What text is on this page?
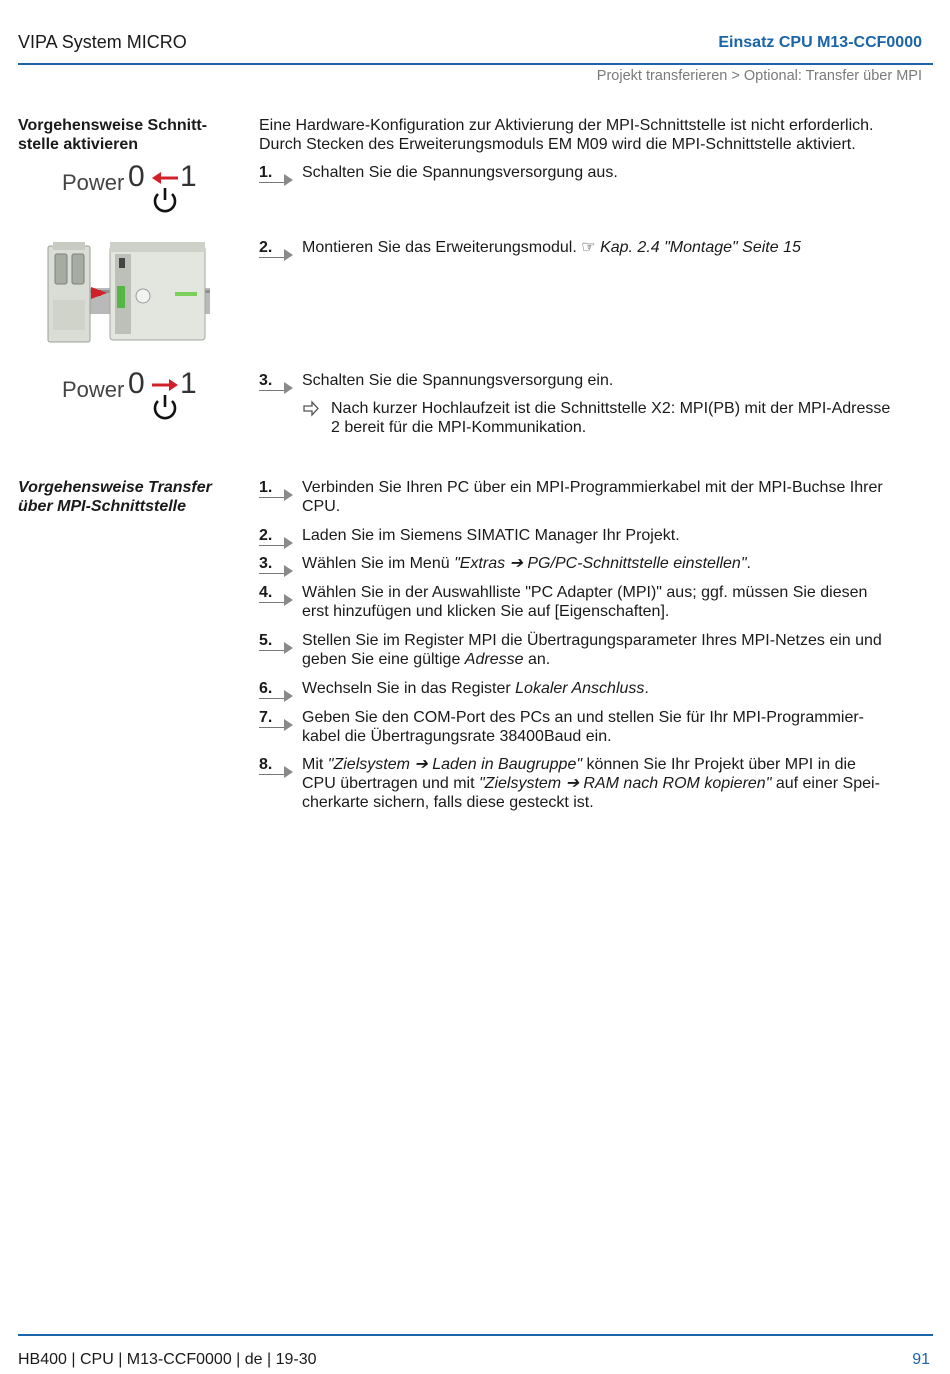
VIPA System MICRO	Einsatz CPU M13-CCF0000
Projekt transferieren > Optional: Transfer über MPI
Vorgehensweise Schnitt-
stelle aktivieren
Eine Hardware-Konfiguration zur Aktivierung der MPI-Schnittstelle ist nicht erforderlich.
Durch Stecken des Erweiterungsmoduls EM M09 wird die MPI-Schnittstelle aktiviert.
Power 0 1	1.	Schalten Sie die Spannungsversorgung aus.
2.	Montieren Sie das Erweiterungsmodul. ☞ Kap. 2.4 "Montage" Seite 15
Power 0 1	3.	Schalten Sie die Spannungsversorgung ein.
Nach kurzer Hochlaufzeit ist die Schnittstelle X2: MPI(PB) mit der MPI-Adresse
2 bereit für die MPI-Kommunikation.
Vorgehensweise Transfer
über MPI-Schnittstelle
1.	Verbinden Sie Ihren PC über ein MPI-Programmierkabel mit der MPI-Buchse Ihrer
CPU.
2.	Laden Sie im Siemens SIMATIC Manager Ihr Projekt.
3.	Wählen Sie im Menü "Extras ➔ PG/PC-Schnittstelle einstellen".
4.	Wählen Sie in der Auswahlliste "PC Adapter (MPI)" aus; ggf. müssen Sie diesen
erst hinzufügen und klicken Sie auf [Eigenschaften].
5.	Stellen Sie im Register MPI die Übertragungsparameter Ihres MPI-Netzes ein und
geben Sie eine gültige Adresse an.
6.	Wechseln Sie in das Register Lokaler Anschluss.
7.	Geben Sie den COM-Port des PCs an und stellen Sie für Ihr MPI-Programmier-
kabel die Übertragungsrate 38400Baud ein.
8.	Mit "Zielsystem ➔ Laden in Baugruppe" können Sie Ihr Projekt über MPI in die
CPU übertragen und mit "Zielsystem ➔ RAM nach ROM kopieren" auf einer Spei-
cherkarte sichern, falls diese gesteckt ist.
HB400 | CPU | M13-CCF0000 | de | 19-30	91
